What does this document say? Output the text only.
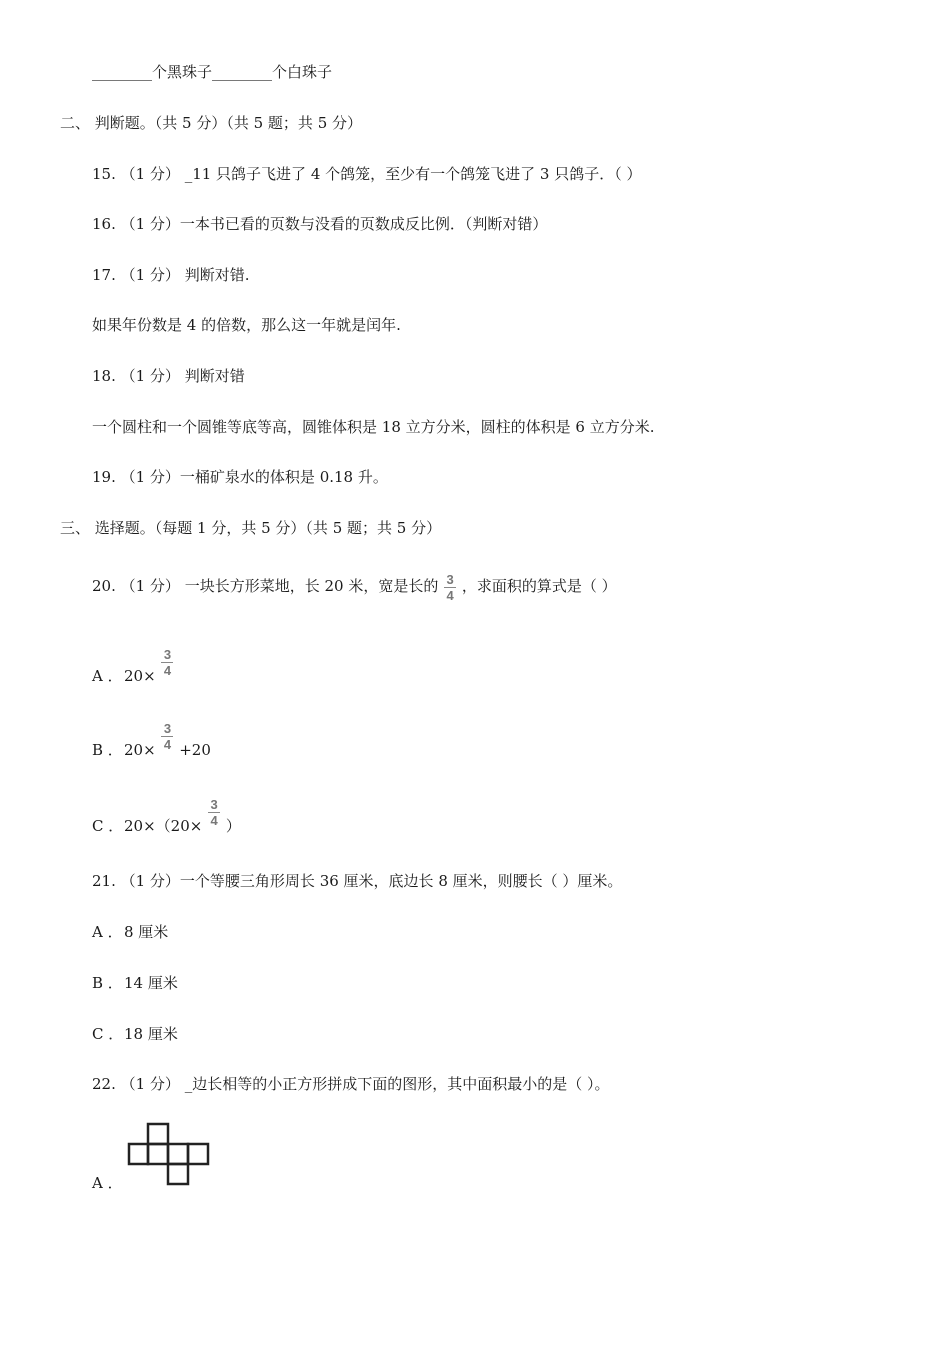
________个黑珠子________个白珠子
二、 判断题。（共 5 分）（共 5 题；共 5 分）
15. （1 分） _11 只鸽子飞进了 4 个鸽笼，至少有一个鸽笼飞进了 3 只鸽子．（ ）
16. （1 分）一本书已看的页数与没看的页数成反比例．（判断对错）
17. （1 分） 判断对错.
如果年份数是 4 的倍数，那么这一年就是闰年.
18. （1 分） 判断对错
一个圆柱和一个圆锥等底等高，圆锥体积是 18 立方分米，圆柱的体积是 6 立方分米.
19. （1 分）一桶矿泉水的体积是 0.18 升。
三、 选择题。（每题 1 分，共 5 分）（共 5 题；共 5 分）
20. （1 分） 一块长方形菜地，长 20 米，宽是长的 $\frac{3}{4}$ ，求面积的算式是（ ）
A ．$20\times \frac{3}{4}$
B ．$20\times \frac{3}{4} +20$
C ．$20\times(20\times \frac{3}{4}$ ）
21. （1 分）一个等腰三角形周长 36 厘米，底边长 8 厘米，则腰长（ ）厘米。
A ．8 厘米
B ．14 厘米
C ．18 厘米
22. （1 分） _边长相等的小正方形拼成下面的图形，其中面积最小的是（ ）。
A ．
